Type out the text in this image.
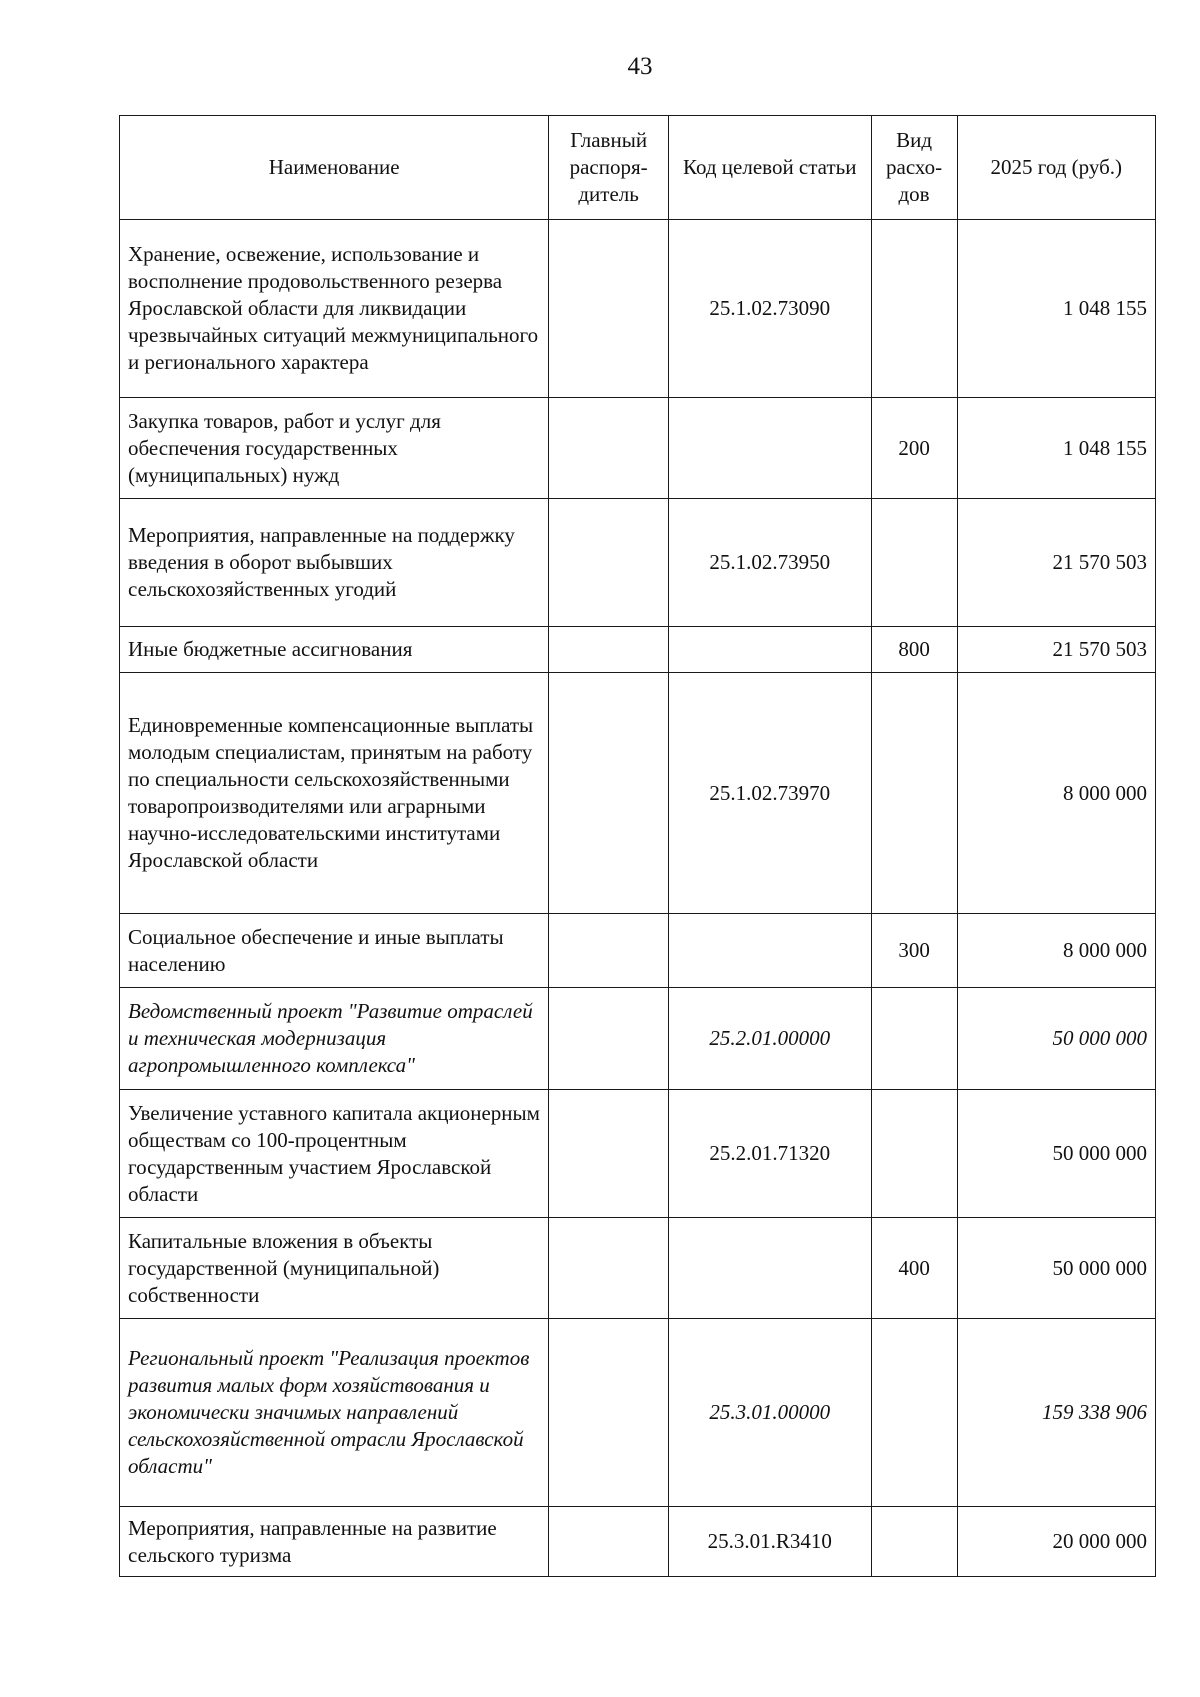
43
Наименование	Главный распоря-дитель	Код целевой статьи	Вид расхо-дов	2025 год (руб.)
Хранение, освежение, использование и восполнение продовольственного резерва Ярославской области для ликвидации чрезвычайных ситуаций межмуниципального и регионального характера		25.1.02.73090		1 048 155
Закупка товаров, работ и услуг для обеспечения государственных (муниципальных) нужд			200	1 048 155
Мероприятия, направленные на поддержку введения в оборот выбывших сельскохозяйственных угодий		25.1.02.73950		21 570 503
Иные бюджетные ассигнования			800	21 570 503
Единовременные компенсационные выплаты молодым специалистам, принятым на работу по специальности сельскохозяйственными товаропроизводителями или аграрными научно-исследовательскими институтами Ярославской области		25.1.02.73970		8 000 000
Социальное обеспечение и иные выплаты населению			300	8 000 000
Ведомственный проект "Развитие отраслей и техническая модернизация агропромышленного комплекса"		25.2.01.00000		50 000 000
Увеличение уставного капитала акционерным обществам со 100-процентным государственным участием Ярославской области		25.2.01.71320		50 000 000
Капитальные вложения в объекты государственной (муниципальной) собственности			400	50 000 000
Региональный проект "Реализация проектов развития малых форм хозяйствования и экономически значимых направлений сельскохозяйственной отрасли Ярославской области"		25.3.01.00000		159 338 906
Мероприятия, направленные на развитие сельского туризма		25.3.01.R3410		20 000 000
